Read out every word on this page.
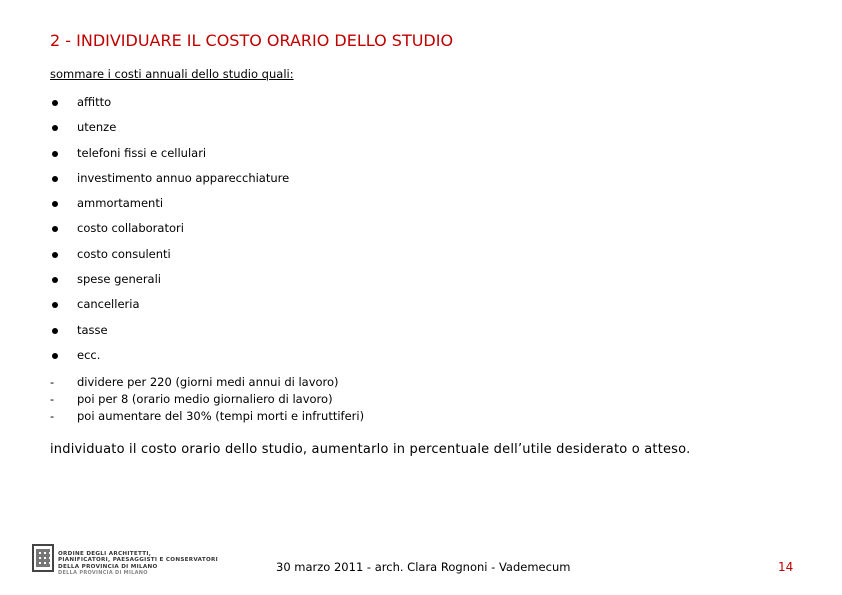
2 - INDIVIDUARE IL COSTO ORARIO DELLO STUDIO
sommare i costi annuali dello studio quali:
affitto
utenze
telefoni fissi e cellulari
investimento annuo apparecchiature
ammortamenti
costo collaboratori
costo consulenti
spese generali
cancelleria
tasse
ecc.
- dividere per 220 (giorni medi annui di lavoro)
- poi per 8 (orario medio giornaliero di lavoro)
- poi aumentare del 30% (tempi morti e infruttiferi)
individuato il costo orario dello studio, aumentarlo in percentuale dell’utile desiderato o atteso.
ORDINE DEGLI ARCHITETTI,
PIANIFICATORI, PAESAGGISTI E CONSERVATORI
DELLA PROVINCIA DI MILANO
DELLA PROVINCIA DI MILANO	30 marzo 2011 - arch. Clara Rognoni - Vademecum	14
